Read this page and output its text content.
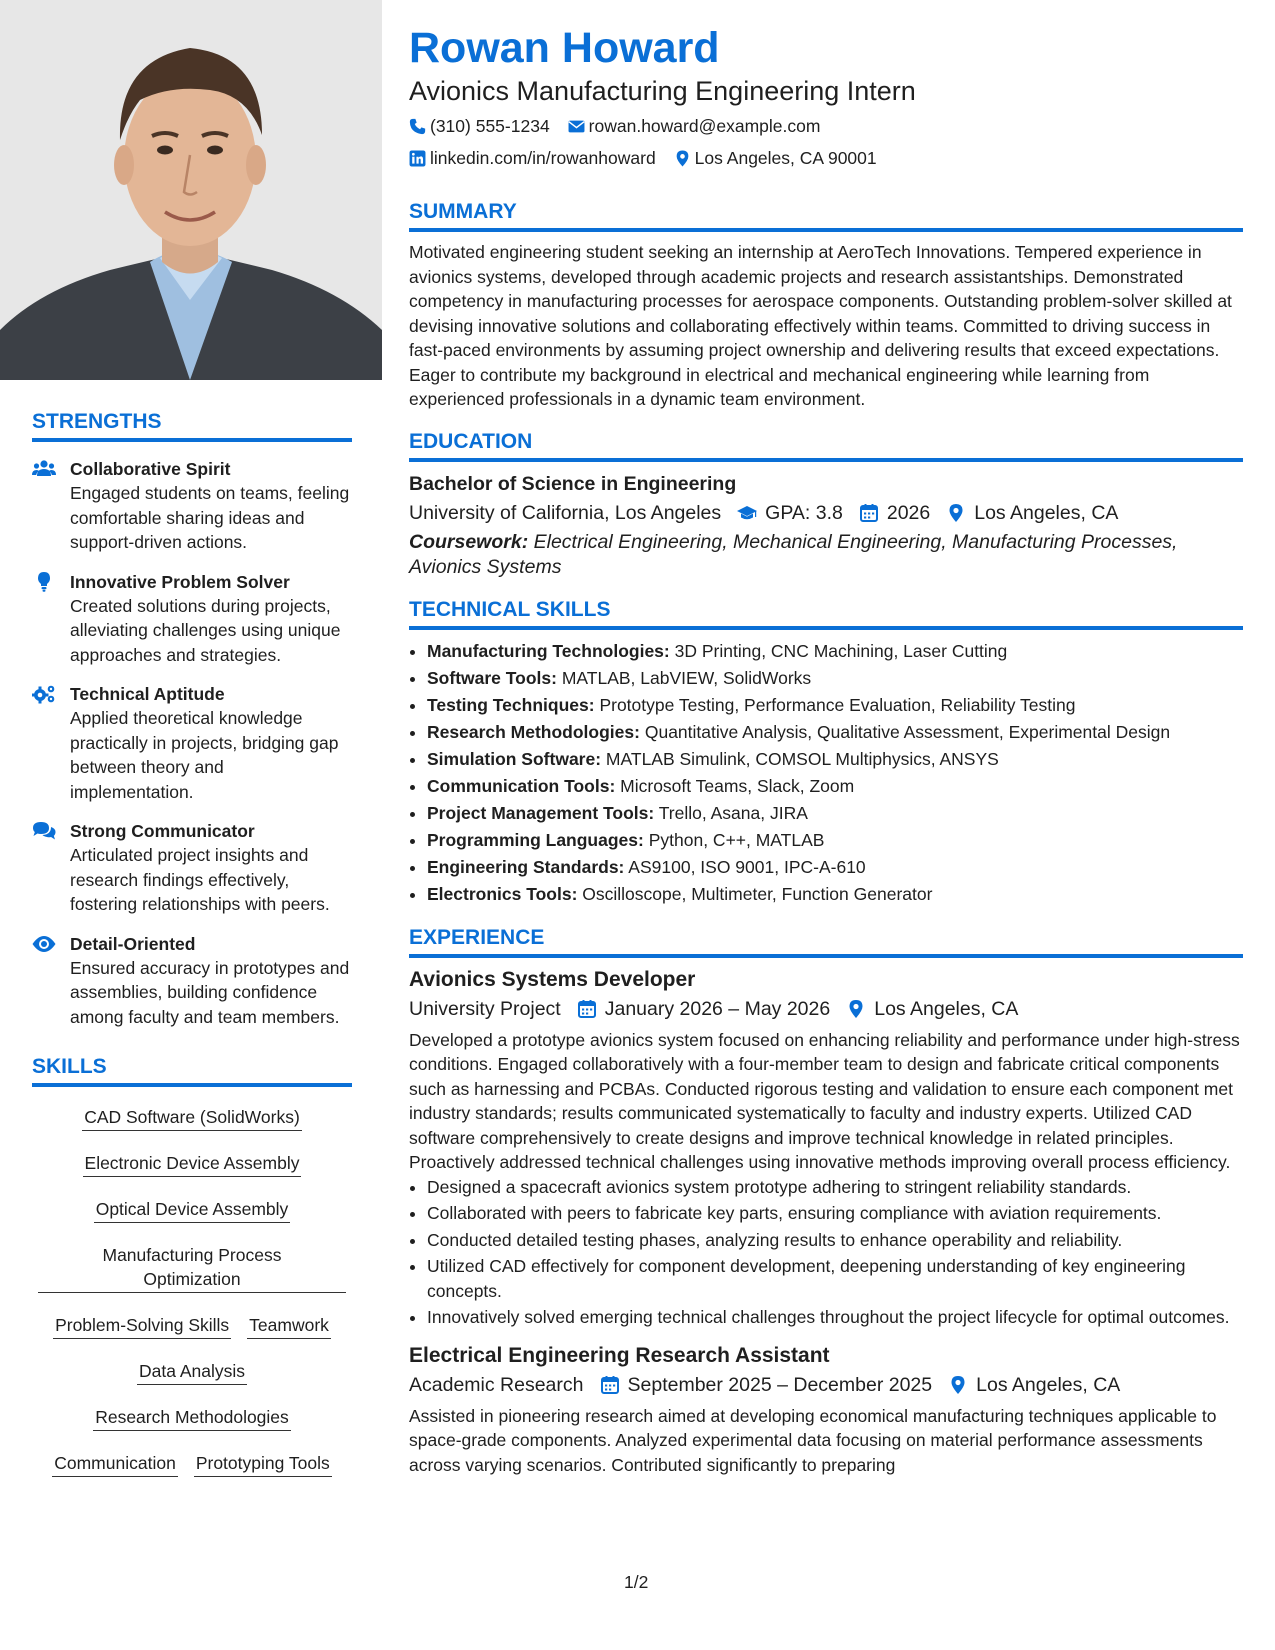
STRENGTHS
Collaborative Spirit
Engaged students on teams, feeling comfortable sharing ideas and support-driven actions.
Innovative Problem Solver
Created solutions during projects, alleviating challenges using unique approaches and strategies.
Technical Aptitude
Applied theoretical knowledge practically in projects, bridging gap between theory and implementation.
Strong Communicator
Articulated project insights and research findings effectively, fostering relationships with peers.
Detail-Oriented
Ensured accuracy in prototypes and assemblies, building confidence among faculty and team members.
SKILLS
CAD Software (SolidWorks)
Electronic Device Assembly
Optical Device Assembly
Manufacturing Process Optimization
Problem-Solving Skills Teamwork
Data Analysis
Research Methodologies
Communication Prototyping Tools
Rowan Howard
Avionics Manufacturing Engineering Intern
(310) 555-1234 rowan.howard@example.com
linkedin.com/in/rowanhoward Los Angeles, CA 90001
SUMMARY

Motivated engineering student seeking an internship at AeroTech Innovations. Tempered experience in avionics systems, developed through academic projects and research assistantships. Demonstrated competency in manufacturing processes for aerospace components. Outstanding problem-solver skilled at devising innovative solutions and collaborating effectively within teams. Committed to driving success in fast-paced environments by assuming project ownership and delivering results that exceed expectations. Eager to contribute my background in electrical and mechanical engineering while learning from experienced professionals in a dynamic team environment.

EDUCATION
Bachelor of Science in Engineering
University of California, Los Angeles GPA: 3.8 2026 Los Angeles, CA
Coursework: Electrical Engineering, Mechanical Engineering, Manufacturing Processes, Avionics Systems
TECHNICAL SKILLS
• Manufacturing Technologies: 3D Printing, CNC Machining, Laser Cutting
• Software Tools: MATLAB, LabVIEW, SolidWorks
• Testing Techniques: Prototype Testing, Performance Evaluation, Reliability Testing
• Research Methodologies: Quantitative Analysis, Qualitative Assessment, Experimental Design
• Simulation Software: MATLAB Simulink, COMSOL Multiphysics, ANSYS
• Communication Tools: Microsoft Teams, Slack, Zoom
• Project Management Tools: Trello, Asana, JIRA
• Programming Languages: Python, C++, MATLAB
• Engineering Standards: AS9100, ISO 9001, IPC-A-610
• Electronics Tools: Oscilloscope, Multimeter, Function Generator
EXPERIENCE
Avionics Systems Developer
University Project January 2026 – May 2026 Los Angeles, CA

Developed a prototype avionics system focused on enhancing reliability and performance under high-stress conditions. Engaged collaboratively with a four-member team to design and fabricate critical components such as harnessing and PCBAs. Conducted rigorous testing and validation to ensure each component met industry standards; results communicated systematically to faculty and industry experts. Utilized CAD software comprehensively to create designs and improve technical knowledge in related principles. Proactively addressed technical challenges using innovative methods improving overall process efficiency.

• Designed a spacecraft avionics system prototype adhering to stringent reliability standards.
• Collaborated with peers to fabricate key parts, ensuring compliance with aviation requirements.
• Conducted detailed testing phases, analyzing results to enhance operability and reliability.
• Utilized CAD effectively for component development, deepening understanding of key engineering concepts.
• Innovatively solved emerging technical challenges throughout the project lifecycle for optimal outcomes.
Electrical Engineering Research Assistant
Academic Research September 2025 – December 2025 Los Angeles, CA

Assisted in pioneering research aimed at developing economical manufacturing techniques applicable to space-grade components. Analyzed experimental data focusing on material performance assessments across varying scenarios. Contributed significantly to preparing

1/2
